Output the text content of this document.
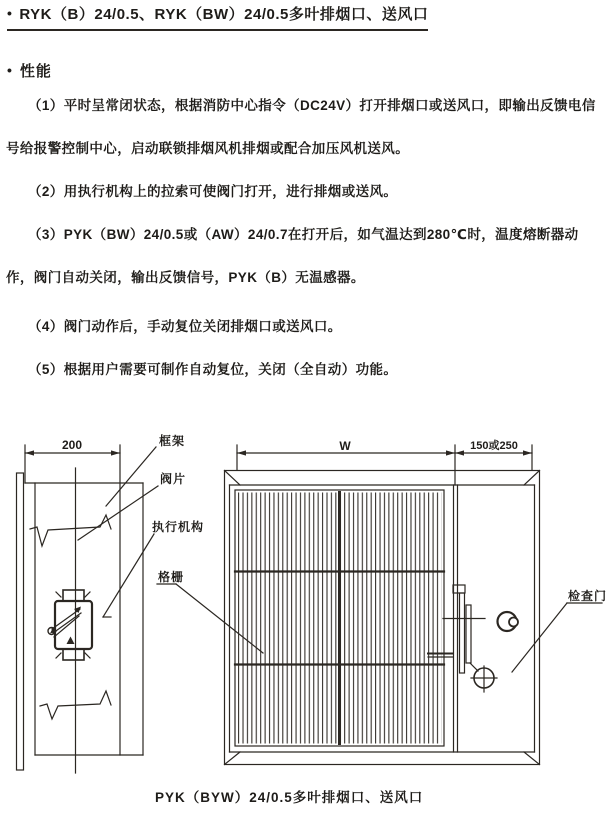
• RYK（B）24/0.5、RYK（BW）24/0.5多叶排烟口、送风口
• 性能

（1）平时呈常闭状态，根据消防中心指令（DC24V）打开排烟口或送风口，即输出反馈电信号给报警控制中心，启动联锁排烟风机排烟或配合加压风机送风。

（2）用执行机构上的拉索可使阀门打开，进行排烟或送风。

（3）PYK（BW）24/0.5或（AW）24/0.7在打开后，如气温达到280℃时，温度熔断器动作，阀门自动关闭，输出反馈信号，PYK（B）无温感器。

（4）阀门动作后，手动复位关闭排烟口或送风口。

（5）根据用户需要可制作自动复位，关闭（全自动）功能。

200	W	150或250
框架
阀片
执行机构
格栅
检查门
PYK（BYW）24/0.5多叶排烟口、送风口
